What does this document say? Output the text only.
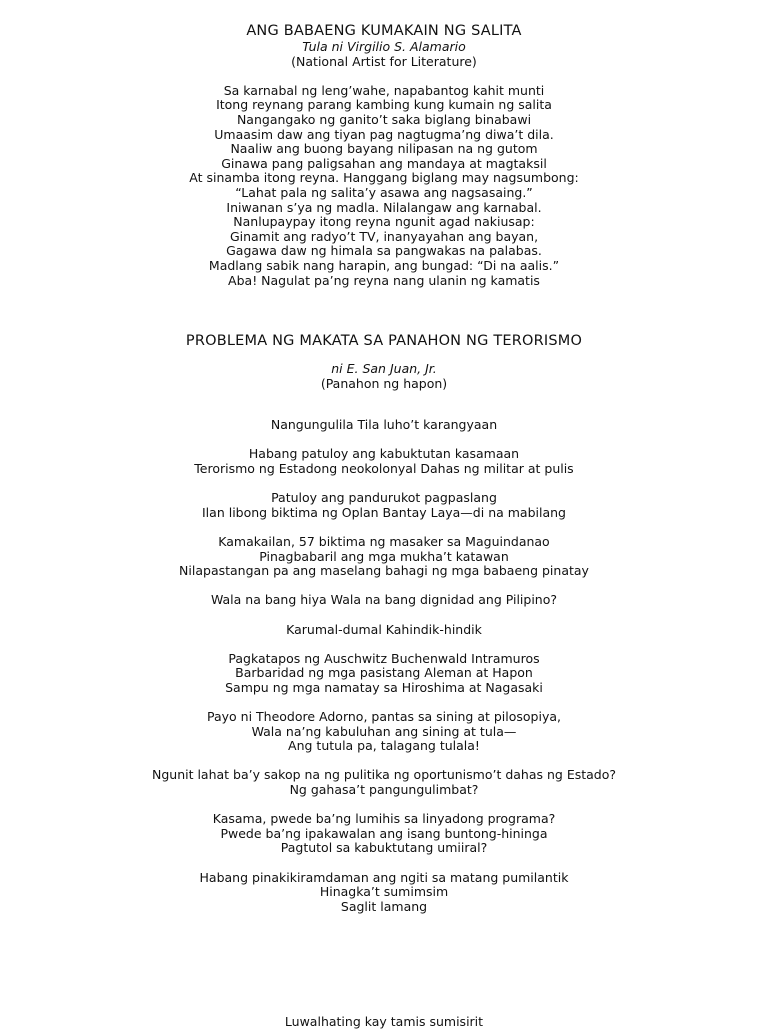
ANG BABAENG KUMAKAIN NG SALITA
Tula ni Virgilio S. Alamario
(National Artist for Literature)
Sa karnabal ng leng’wahe, napabantog kahit munti
Itong reynang parang kambing kung kumain ng salita
Nangangako ng ganito’t saka biglang binabawi
Umaasim daw ang tiyan pag nagtugma’ng diwa’t dila.
Naaliw ang buong bayang nilipasan na ng gutom
Ginawa pang paligsahan ang mandaya at magtaksil
At sinamba itong reyna. Hanggang biglang may nagsumbong:
“Lahat pala ng salita’y asawa ang nagsasaing.”
Iniwanan s’ya ng madla. Nilalangaw ang karnabal.
Nanlupaypay itong reyna ngunit agad nakiusap:
Ginamit ang radyo’t TV, inanyayahan ang bayan,
Gagawa daw ng himala sa pangwakas na palabas.
Madlang sabik nang harapin, ang bungad: “Di na aalis.”
Aba! Nagulat pa’ng reyna nang ulanin ng kamatis
PROBLEMA NG MAKATA SA PANAHON NG TERORISMO
ni E. San Juan, Jr.
(Panahon ng hapon)
Nangungulila Tila luho’t karangyaan
Habang patuloy ang kabuktutan kasamaan
Terorismo ng Estadong neokolonyal Dahas ng militar at pulis
Patuloy ang pandurukot pagpaslang
Ilan libong biktima ng Oplan Bantay Laya—di na mabilang
Kamakailan, 57 biktima ng masaker sa Maguindanao
Pinagbabaril ang mga mukha’t katawan
Nilapastangan pa ang maselang bahagi ng mga babaeng pinatay
Wala na bang hiya Wala na bang dignidad ang Pilipino?
Karumal-dumal Kahindik-hindik
Pagkatapos ng Auschwitz Buchenwald Intramuros
Barbaridad ng mga pasistang Aleman at Hapon
Sampu ng mga namatay sa Hiroshima at Nagasaki
Payo ni Theodore Adorno, pantas sa sining at pilosopiya,
Wala na’ng kabuluhan ang sining at tula—
Ang tutula pa, talagang tulala!
Ngunit lahat ba’y sakop na ng pulitika ng oportunismo’t dahas ng Estado?
Ng gahasa’t pangungulimbat?
Kasama, pwede ba’ng lumihis sa linyadong programa?
Pwede ba’ng ipakawalan ang isang buntong-hininga
Pagtutol sa kabuktutang umiiral?
Habang pinakikiramdaman ang ngiti sa matang pumilantik
Hinagka’t sumimsim
Saglit lamang
Luwalhating kay tamis sumisirit
